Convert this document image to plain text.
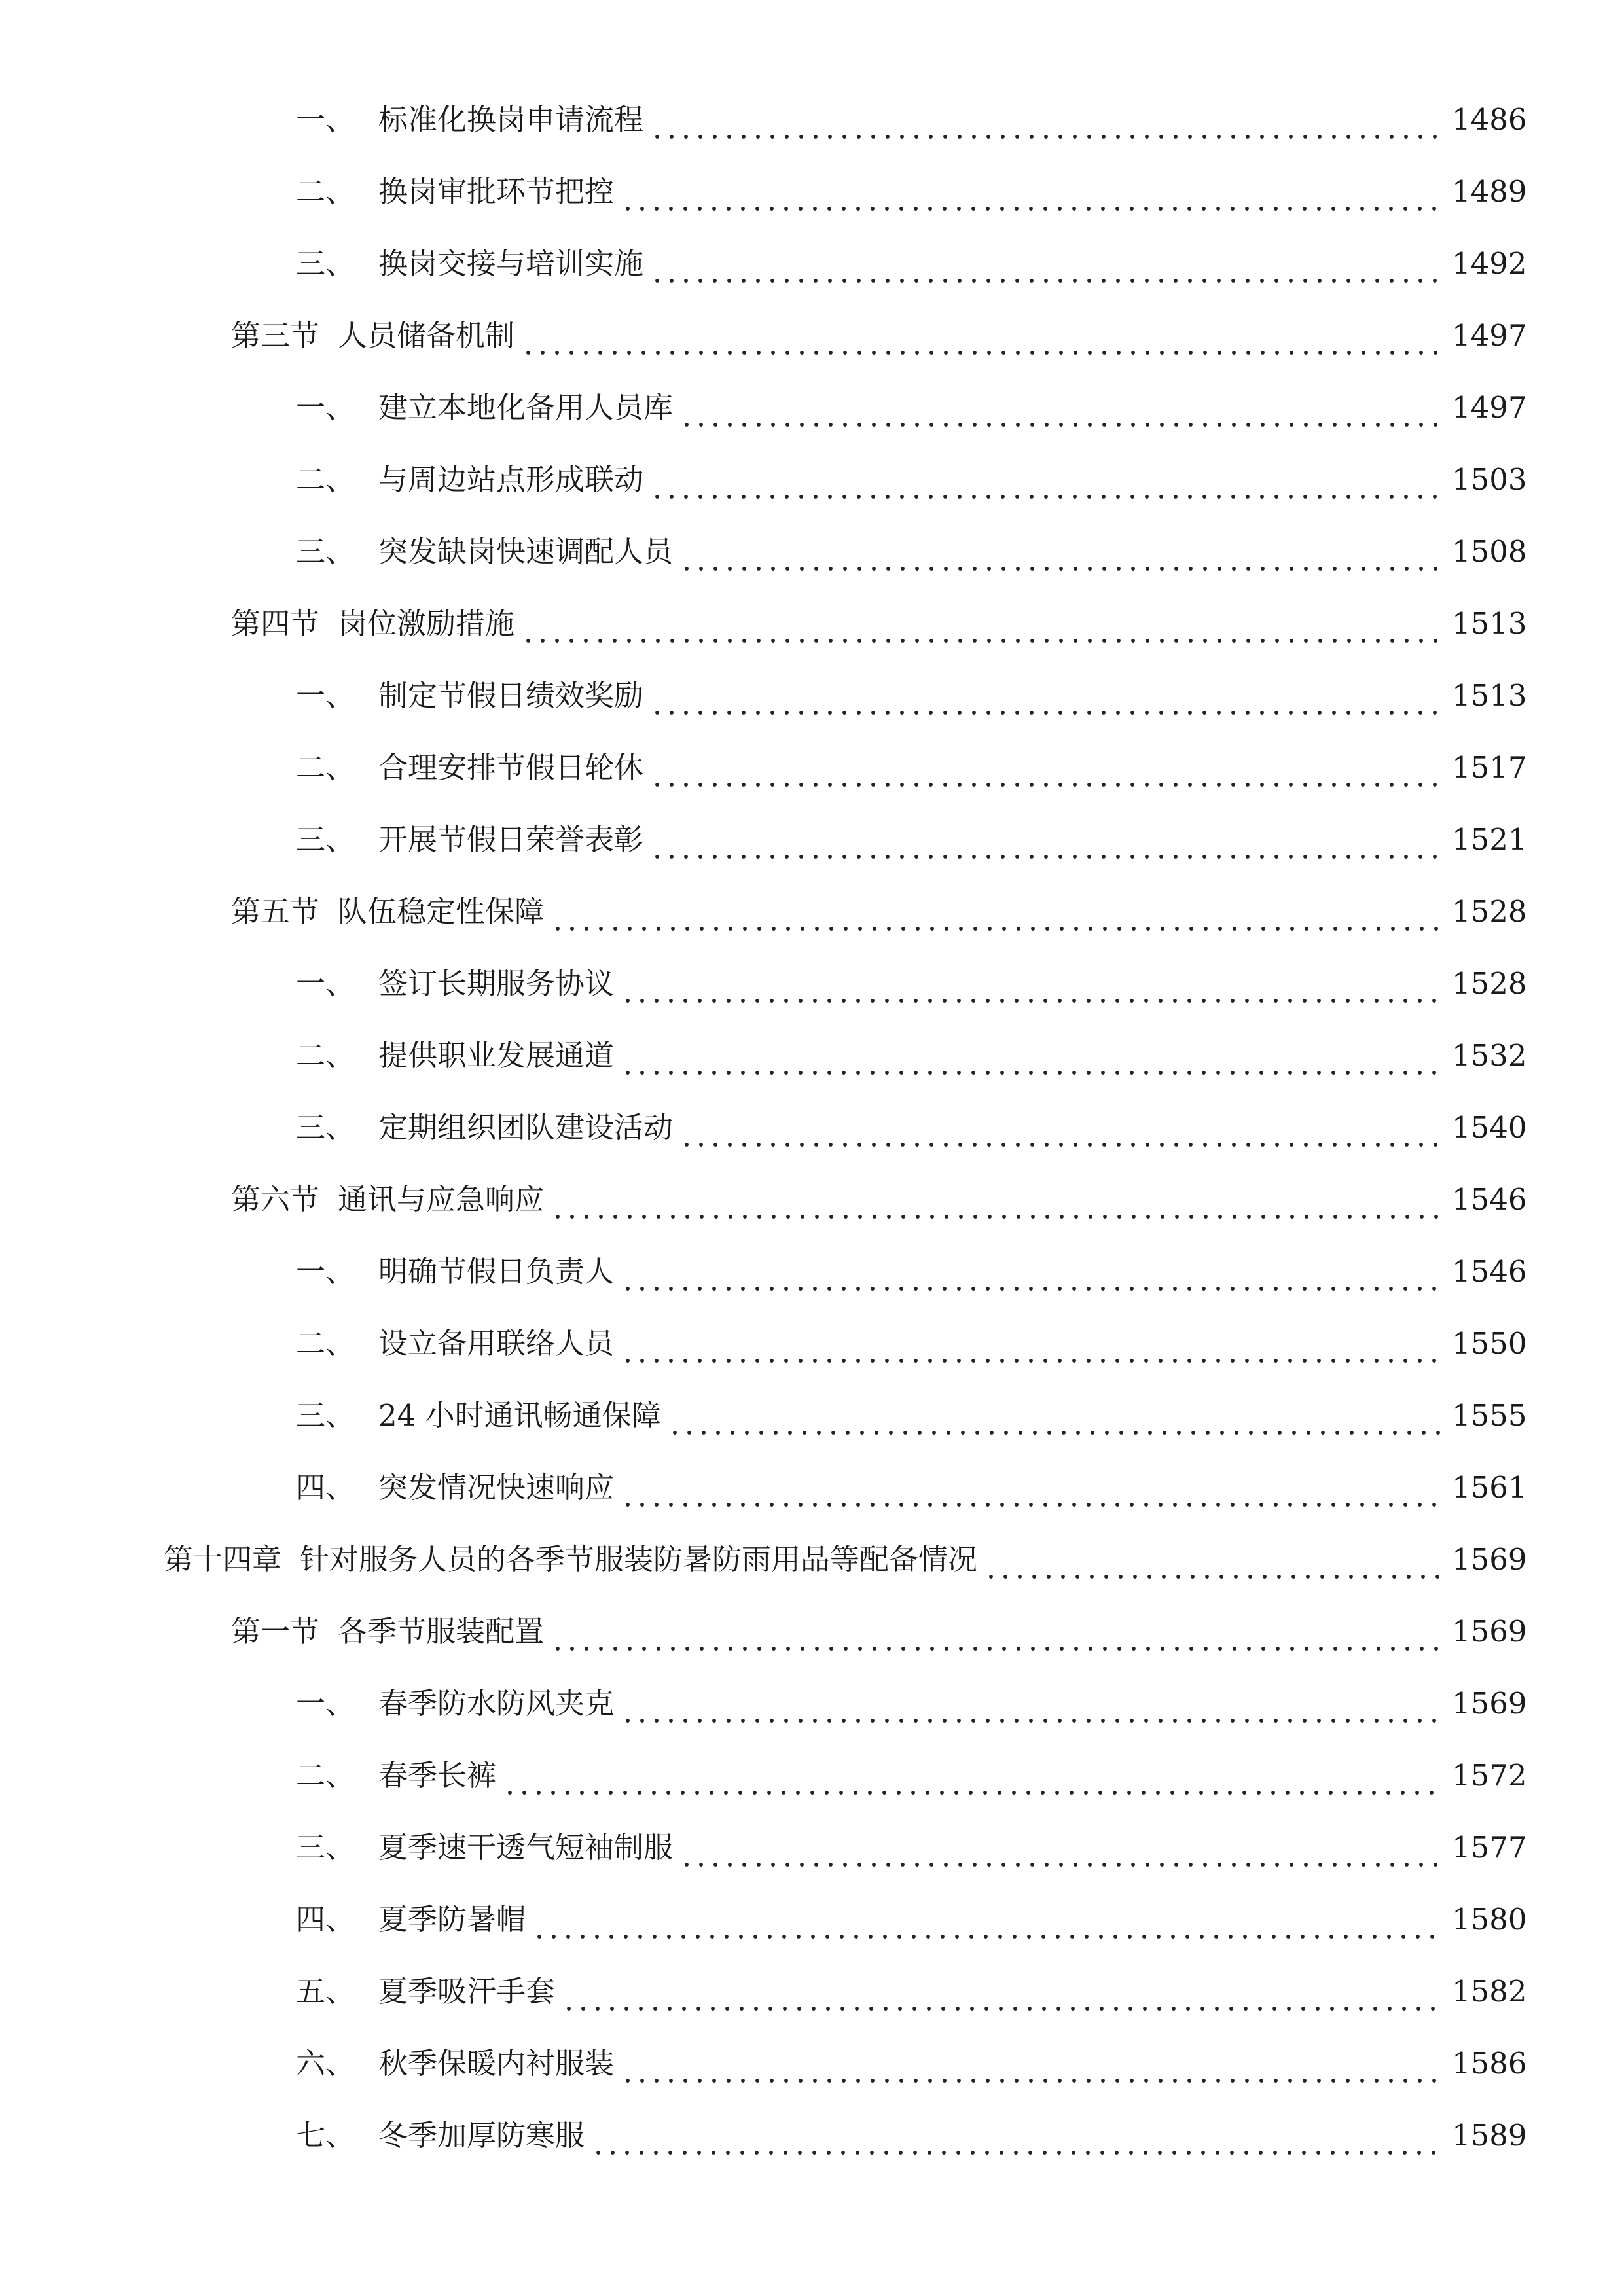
一、 标准化换岗申请流程	1486
二、 换岗审批环节把控	1489
三、 换岗交接与培训实施	1492
第三节 人员储备机制	1497
一、 建立本地化备用人员库	1497
二、 与周边站点形成联动	1503
三、 突发缺岗快速调配人员	1508
第四节 岗位激励措施	1513
一、 制定节假日绩效奖励	1513
二、 合理安排节假日轮休	1517
三、 开展节假日荣誉表彰	1521
第五节 队伍稳定性保障	1528
一、 签订长期服务协议	1528
二、 提供职业发展通道	1532
三、 定期组织团队建设活动	1540
第六节 通讯与应急响应	1546
一、 明确节假日负责人	1546
二、 设立备用联络人员	1550
三、 24 小时通讯畅通保障	1555
四、 突发情况快速响应	1561
第十四章 针对服务人员的各季节服装防暑防雨用品等配备情况	1569
第一节 各季节服装配置	1569
一、 春季防水防风夹克	1569
二、 春季长裤	1572
三、 夏季速干透气短袖制服	1577
四、 夏季防暑帽	1580
五、 夏季吸汗手套	1582
六、 秋季保暖内衬服装	1586
七、 冬季加厚防寒服	1589
